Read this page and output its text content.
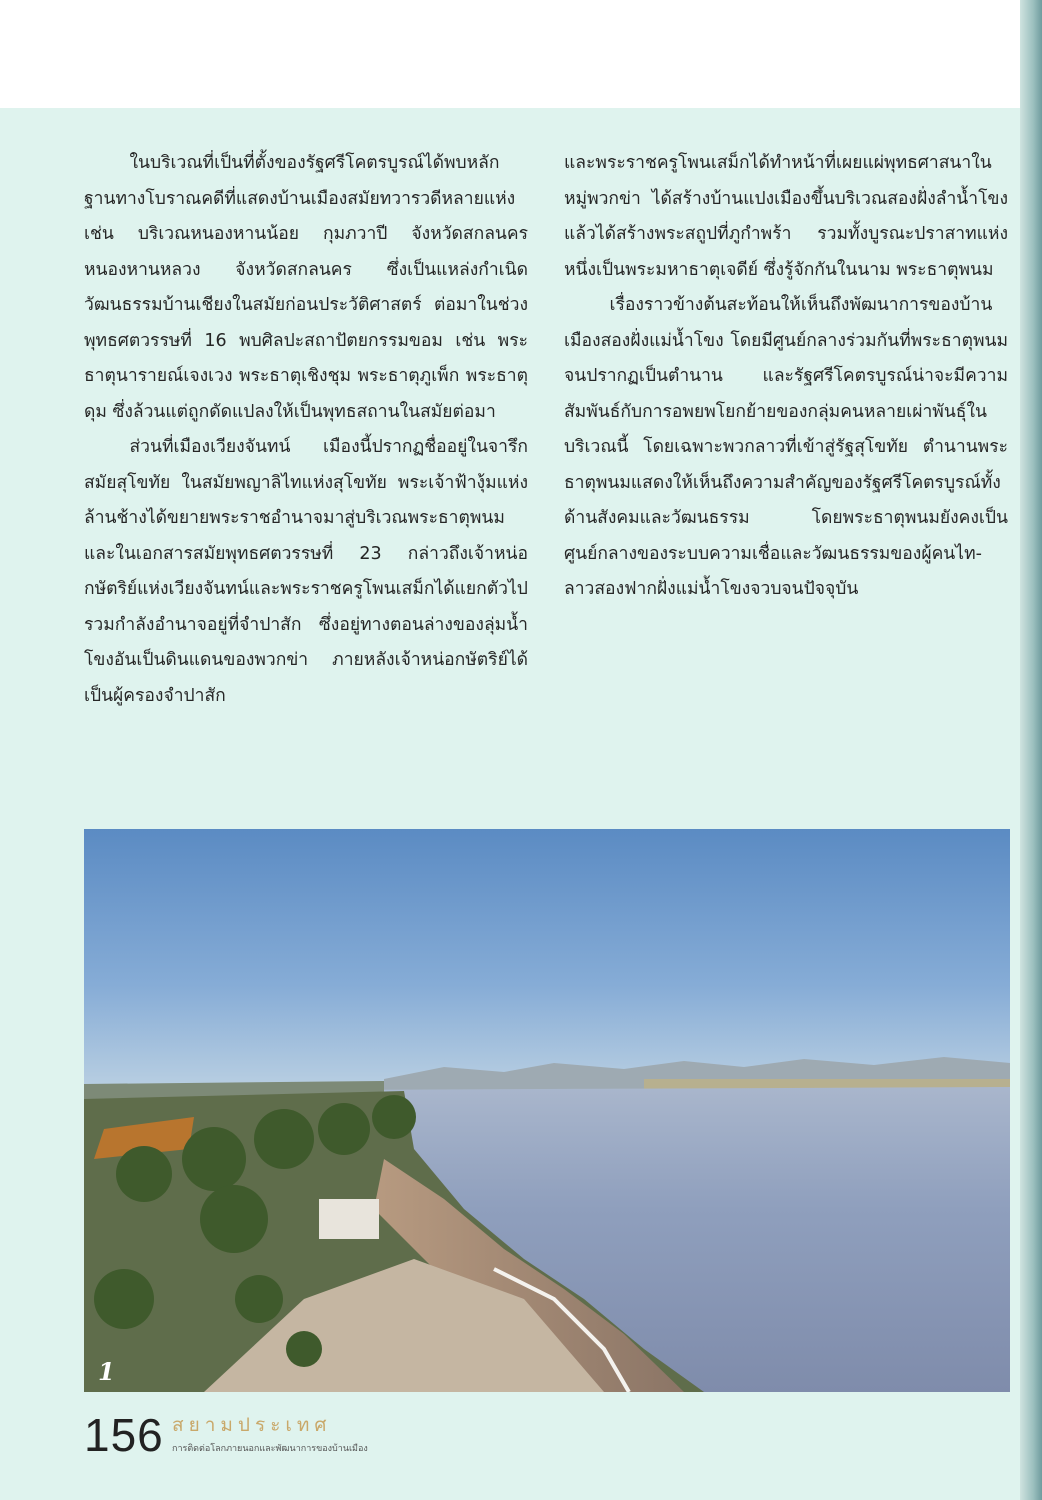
ในบริเวณที่เป็นที่ตั้งของรัฐศรีโคตรบูรณ์ได้พบหลักฐานทางโบราณคดีที่แสดงบ้านเมืองสมัยทวารวดีหลายแห่ง เช่น บริเวณหนองหานน้อย กุมภวาปี จังหวัดสกลนคร หนองหานหลวง จังหวัดสกลนคร ซึ่งเป็นแหล่งกำเนิดวัฒนธรรมบ้านเชียงในสมัยก่อนประวัติศาสตร์ ต่อมาในช่วงพุทธศตวรรษที่ 16 พบศิลปะสถาปัตยกรรมขอม เช่น พระธาตุนารายณ์เจงเวง พระธาตุเชิงชุม พระธาตุภูเพ็ก พระธาตุดุม ซึ่งล้วนแต่ถูกดัดแปลงให้เป็นพุทธสถานในสมัยต่อมา

ส่วนที่เมืองเวียงจันทน์ เมืองนี้ปรากฏชื่ออยู่ในจารึกสมัยสุโขทัย ในสมัยพญาลิไทแห่งสุโขทัย พระเจ้าฟ้างุ้มแห่งล้านช้างได้ขยายพระราชอำนาจมาสู่บริเวณพระธาตุพนม และในเอกสารสมัยพุทธศตวรรษที่ 23 กล่าวถึงเจ้าหน่อกษัตริย์แห่งเวียงจันทน์และพระราชครูโพนเสม็กได้แยกตัวไปรวมกำลังอำนาจอยู่ที่จำปาสัก ซึ่งอยู่ทางตอนล่างของลุ่มน้ำโขงอันเป็นดินแดนของพวกข่า ภายหลังเจ้าหน่อกษัตริย์ได้เป็นผู้ครองจำปาสัก

และพระราชครูโพนเสม็กได้ทำหน้าที่เผยแผ่พุทธศาสนาในหมู่พวกข่า ได้สร้างบ้านแปงเมืองขึ้นบริเวณสองฝั่งลำน้ำโขง แล้วได้สร้างพระสถูปที่ภูกำพร้า รวมทั้งบูรณะปราสาทแห่งหนึ่งเป็นพระมหาธาตุเจดีย์ ซึ่งรู้จักกันในนาม พระธาตุพนม

เรื่องราวข้างต้นสะท้อนให้เห็นถึงพัฒนาการของบ้านเมืองสองฝั่งแม่น้ำโขง โดยมีศูนย์กลางร่วมกันที่พระธาตุพนมจนปรากฏเป็นตำนาน และรัฐศรีโคตรบูรณ์น่าจะมีความสัมพันธ์กับการอพยพโยกย้ายของกลุ่มคนหลายเผ่าพันธุ์ในบริเวณนี้ โดยเฉพาะพวกลาวที่เข้าสู่รัฐสุโขทัย ตำนานพระธาตุพนมแสดงให้เห็นถึงความสำคัญของรัฐศรีโคตรบูรณ์ทั้งด้านสังคมและวัฒนธรรม โดยพระธาตุพนมยังคงเป็นศูนย์กลางของระบบความเชื่อและวัฒนธรรมของผู้คนไท-ลาวสองฟากฝั่งแม่น้ำโขงจวบจนปัจจุบัน

1
156 สยามประเทศ
การติดต่อโลกภายนอกและพัฒนาการของบ้านเมือง
